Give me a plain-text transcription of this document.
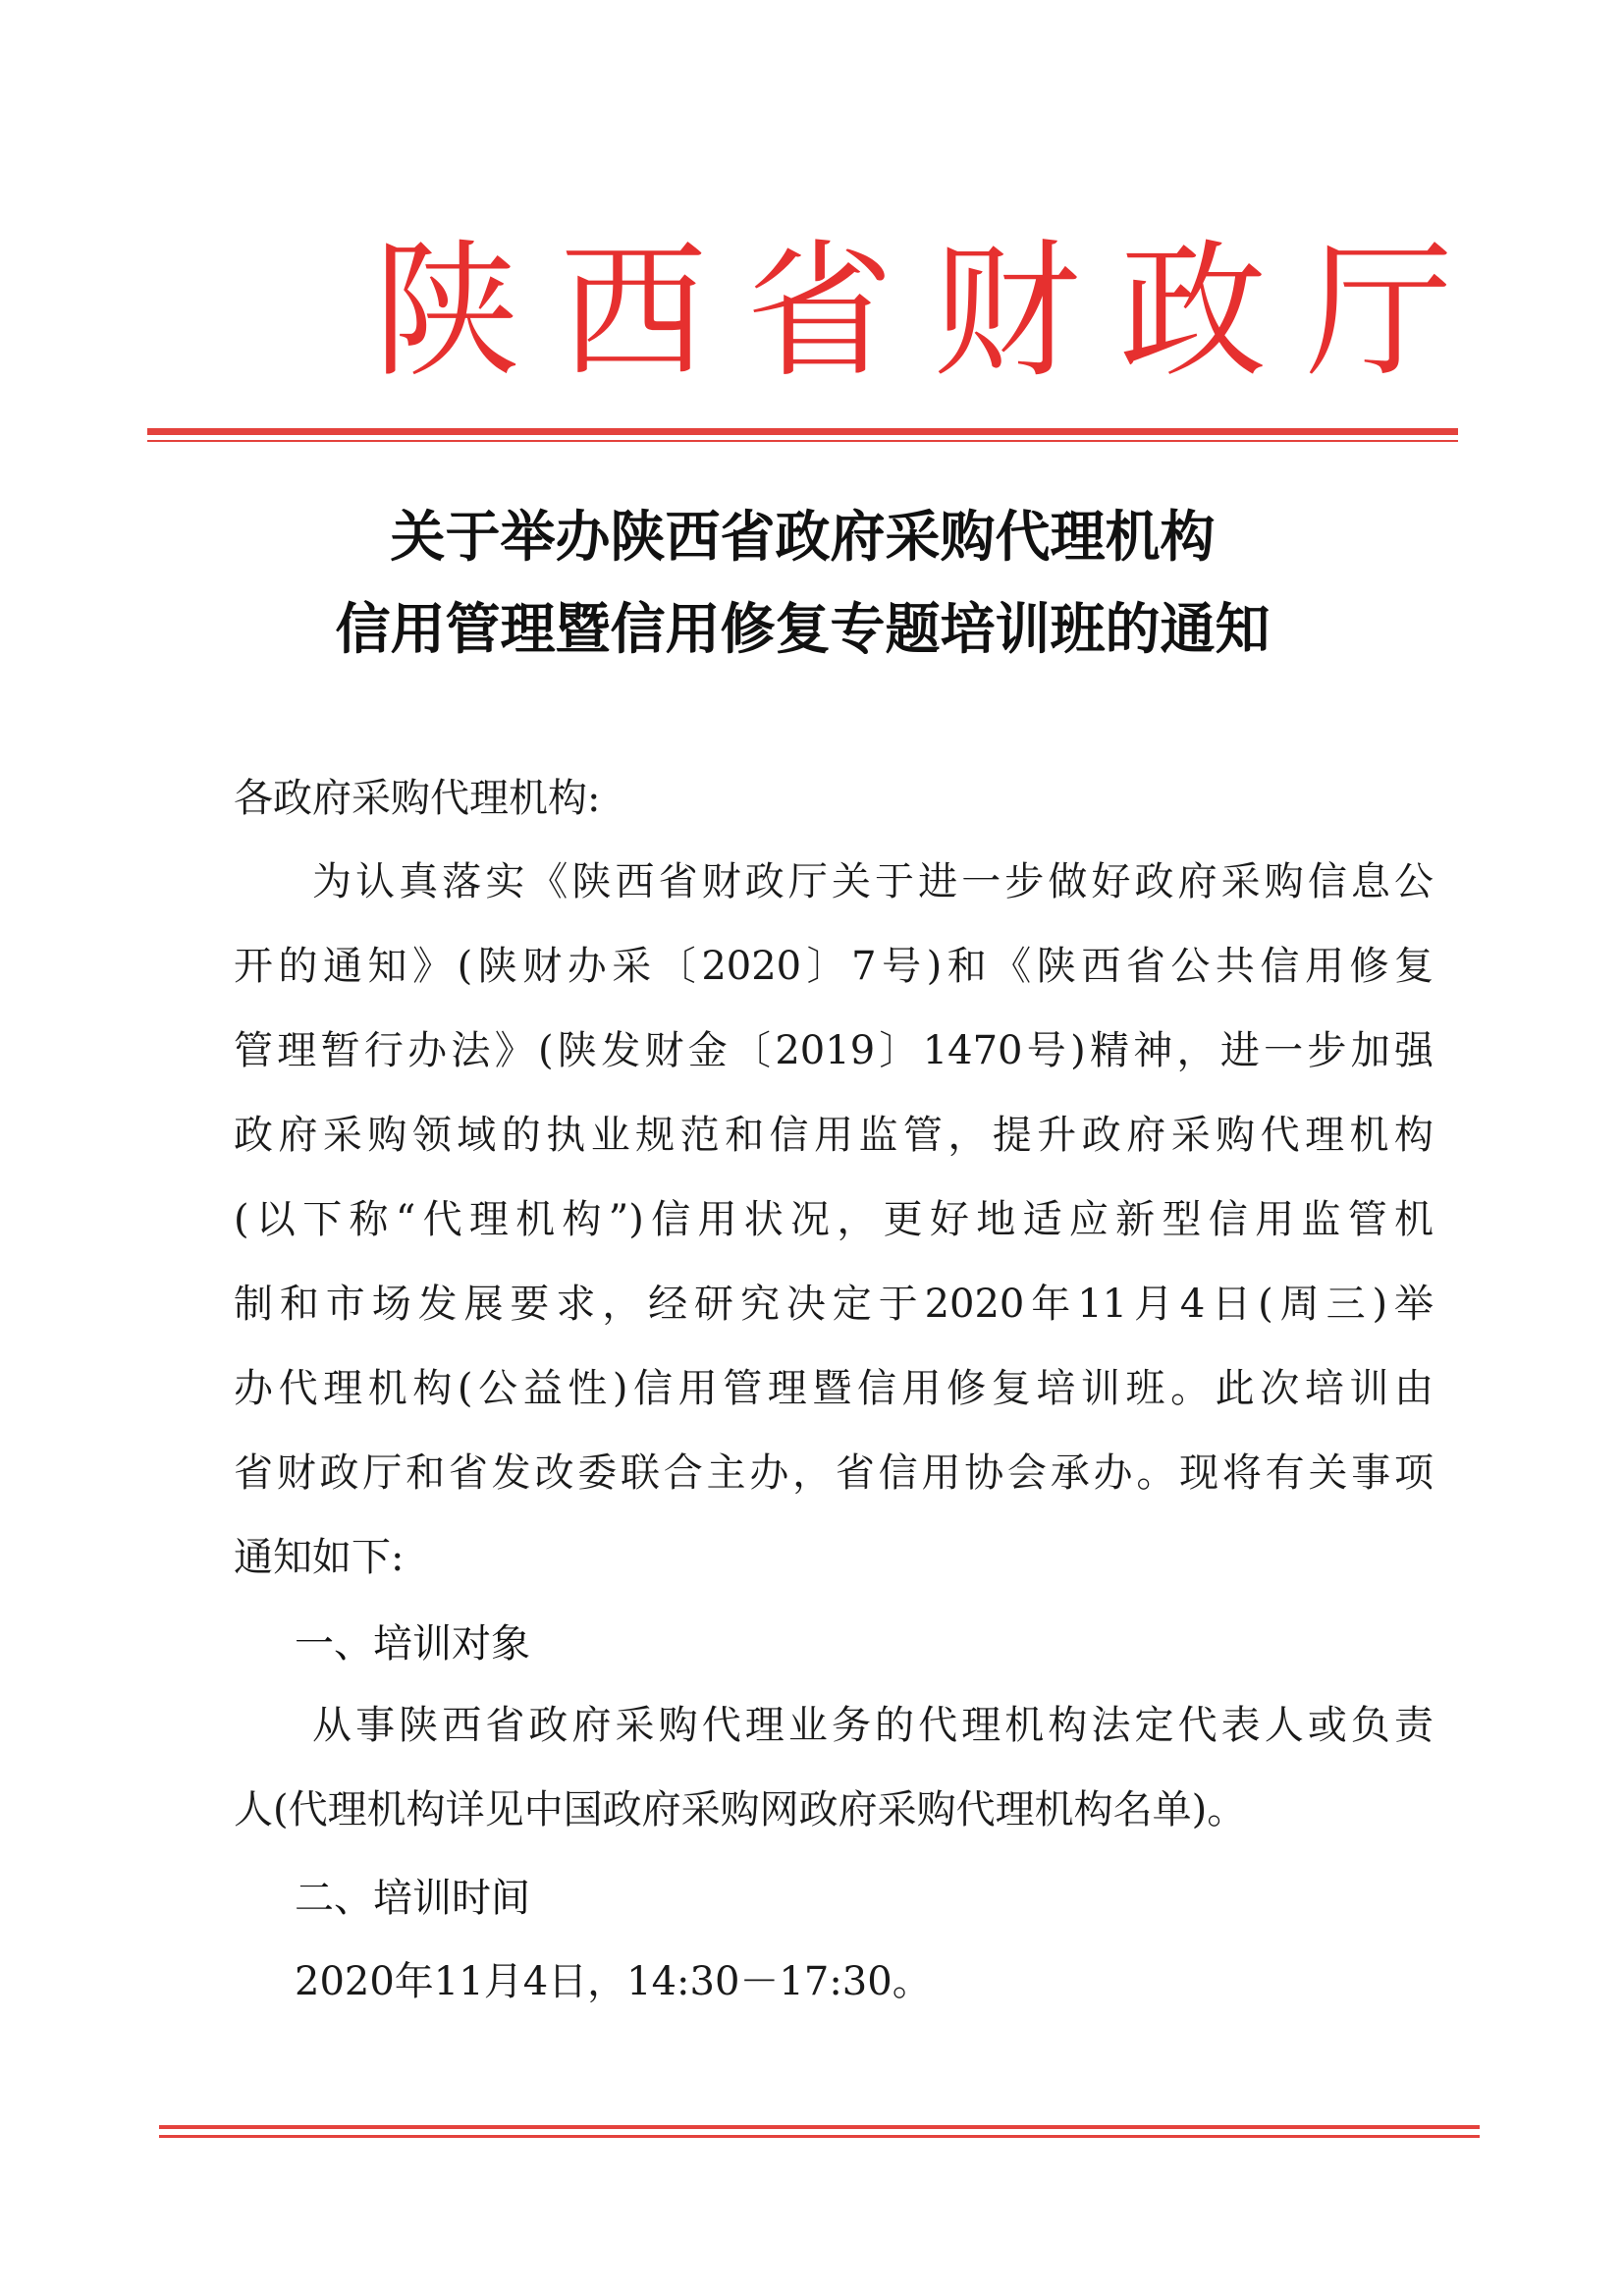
陕西省财政厅
关于举办陕西省政府采购代理机构
信用管理暨信用修复专题培训班的通知
各政府采购代理机构:
为认真落实《陕西省财政厅关于进一步做好政府采购信息公
开的通知》(陕财办采〔2020〕7号)和《陕西省公共信用修复
管理暂行办法》(陕发财金〔2019〕1470号)精神，进一步加强
政府采购领域的执业规范和信用监管，提升政府采购代理机构
(以下称“代理机构”)信用状况，更好地适应新型信用监管机
制和市场发展要求，经研究决定于2020年11月4日(周三)举
办代理机构(公益性)信用管理暨信用修复培训班。此次培训由
省财政厅和省发改委联合主办，省信用协会承办。现将有关事项
通知如下:
一、培训对象
从事陕西省政府采购代理业务的代理机构法定代表人或负责
人(代理机构详见中国政府采购网政府采购代理机构名单)。
二、培训时间
2020年11月4日，14:30－17:30。
